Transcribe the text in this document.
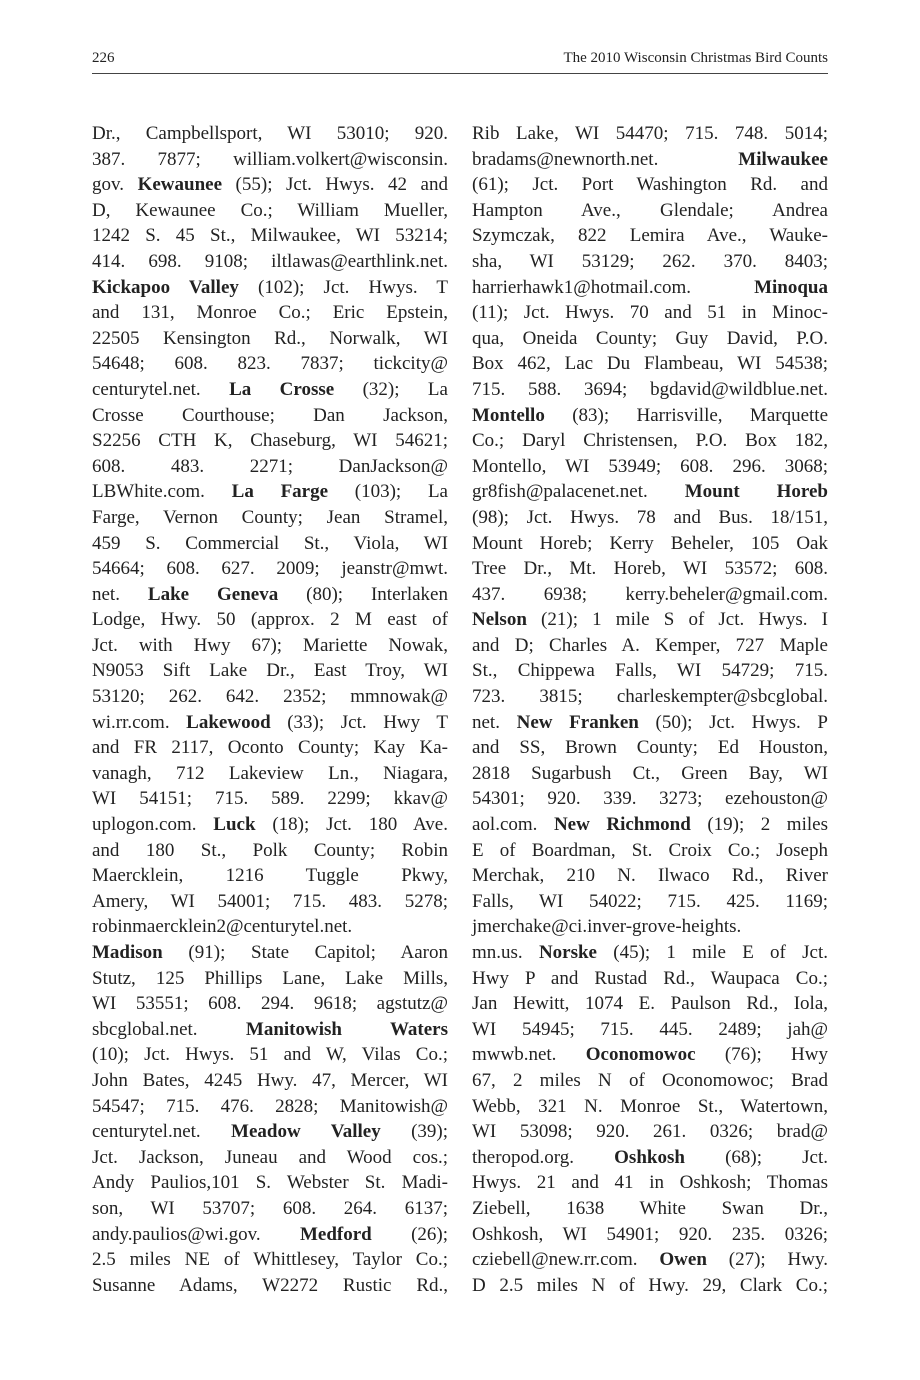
226	The 2010 Wisconsin Christmas Bird Counts
Dr., Campbellsport, WI 53010; 920.
387. 7877; william.volkert@wisconsin.
gov. Kewaunee (55); Jct. Hwys. 42 and
D, Kewaunee Co.; William Mueller,
1242 S. 45 St., Milwaukee, WI 53214;
414. 698. 9108; iltlawas@earthlink.net.
Kickapoo Valley (102); Jct. Hwys. T
and 131, Monroe Co.; Eric Epstein,
22505 Kensington Rd., Norwalk, WI
54648; 608. 823. 7837; tickcity@
centurytel.net. La Crosse (32); La
Crosse Courthouse; Dan Jackson,
S2256 CTH K, Chaseburg, WI 54621;
608. 483. 2271; DanJackson@
LBWhite.com. La Farge (103); La
Farge, Vernon County; Jean Stramel,
459 S. Commercial St., Viola, WI
54664; 608. 627. 2009; jeanstr@mwt.
net. Lake Geneva (80); Interlaken
Lodge, Hwy. 50 (approx. 2 M east of
Jct. with Hwy 67); Mariette Nowak,
N9053 Sift Lake Dr., East Troy, WI
53120; 262. 642. 2352; mmnowak@
wi.rr.com. Lakewood (33); Jct. Hwy T
and FR 2117, Oconto County; Kay Ka-
vanagh, 712 Lakeview Ln., Niagara,
WI 54151; 715. 589. 2299; kkav@
uplogon.com. Luck (18); Jct. 180 Ave.
and 180 St., Polk County; Robin
Maercklein, 1216 Tuggle Pkwy,
Amery, WI 54001; 715. 483. 5278;
robinmaercklein2@centurytel.net.
Madison (91); State Capitol; Aaron
Stutz, 125 Phillips Lane, Lake Mills,
WI 53551; 608. 294. 9618; agstutz@
sbcglobal.net. Manitowish Waters
(10); Jct. Hwys. 51 and W, Vilas Co.;
John Bates, 4245 Hwy. 47, Mercer, WI
54547; 715. 476. 2828; Manitowish@
centurytel.net. Meadow Valley (39);
Jct. Jackson, Juneau and Wood cos.;
Andy Paulios,101 S. Webster St. Madi-
son, WI 53707; 608. 264. 6137;
andy.paulios@wi.gov. Medford (26);
2.5 miles NE of Whittlesey, Taylor Co.;
Susanne Adams, W2272 Rustic Rd.,
Rib Lake, WI 54470; 715. 748. 5014;
bradams@newnorth.net. Milwaukee
(61); Jct. Port Washington Rd. and
Hampton Ave., Glendale; Andrea
Szymczak, 822 Lemira Ave., Wauke-
sha, WI 53129; 262. 370. 8403;
harrierhawk1@hotmail.com. Minoqua
(11); Jct. Hwys. 70 and 51 in Minoc-
qua, Oneida County; Guy David, P.O.
Box 462, Lac Du Flambeau, WI 54538;
715. 588. 3694; bgdavid@wildblue.net.
Montello (83); Harrisville, Marquette
Co.; Daryl Christensen, P.O. Box 182,
Montello, WI 53949; 608. 296. 3068;
gr8fish@palacenet.net. Mount Horeb
(98); Jct. Hwys. 78 and Bus. 18/151,
Mount Horeb; Kerry Beheler, 105 Oak
Tree Dr., Mt. Horeb, WI 53572; 608.
437. 6938; kerry.beheler@gmail.com.
Nelson (21); 1 mile S of Jct. Hwys. I
and D; Charles A. Kemper, 727 Maple
St., Chippewa Falls, WI 54729; 715.
723. 3815; charleskempter@sbcglobal.
net. New Franken (50); Jct. Hwys. P
and SS, Brown County; Ed Houston,
2818 Sugarbush Ct., Green Bay, WI
54301; 920. 339. 3273; ezehouston@
aol.com. New Richmond (19); 2 miles
E of Boardman, St. Croix Co.; Joseph
Merchak, 210 N. Ilwaco Rd., River
Falls, WI 54022; 715. 425. 1169;
jmerchake@ci.inver-grove-heights.
mn.us. Norske (45); 1 mile E of Jct.
Hwy P and Rustad Rd., Waupaca Co.;
Jan Hewitt, 1074 E. Paulson Rd., Iola,
WI 54945; 715. 445. 2489; jah@
mwwb.net. Oconomowoc (76); Hwy
67, 2 miles N of Oconomowoc; Brad
Webb, 321 N. Monroe St., Watertown,
WI 53098; 920. 261. 0326; brad@
theropod.org. Oshkosh (68); Jct.
Hwys. 21 and 41 in Oshkosh; Thomas
Ziebell, 1638 White Swan Dr.,
Oshkosh, WI 54901; 920. 235. 0326;
cziebell@new.rr.com. Owen (27); Hwy.
D 2.5 miles N of Hwy. 29, Clark Co.;
